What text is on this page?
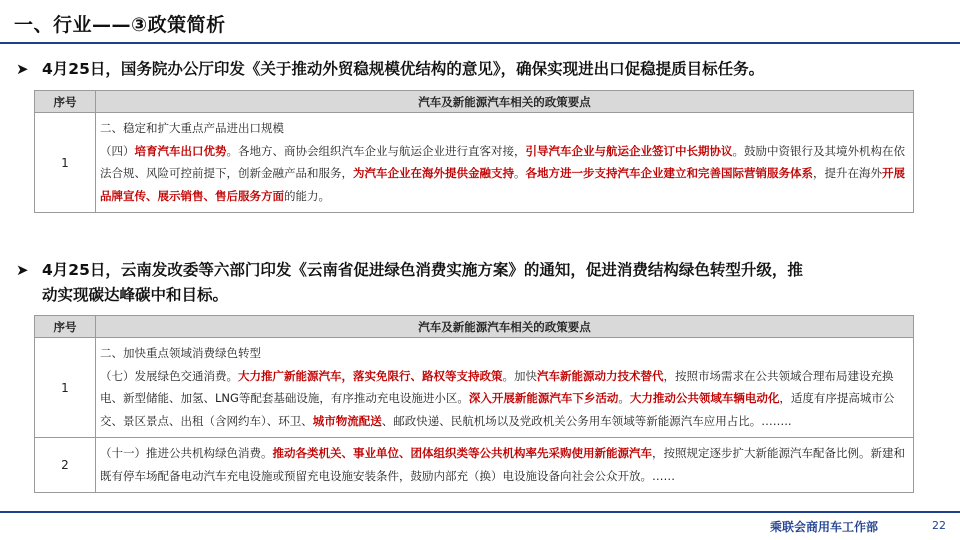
一、行业——③政策简析
➤ 4月25日，国务院办公厅印发《关于推动外贸稳规模优结构的意见》，确保实现进出口促稳提质目标任务。
序号	汽车及新能源汽车相关的政策要点
1	二、稳定和扩大重点产品进出口规模
（四）培育汽车出口优势。各地方、商协会组织汽车企业与航运企业进行直客对接，引导汽车企业与航运企业签订中长期协议。鼓励中资银行及其境外机构在依法合规、风险可控前提下，创新金融产品和服务，为汽车企业在海外提供金融支持。各地方进一步支持汽车企业建立和完善国际营销服务体系，提升在海外开展品牌宣传、展示销售、售后服务方面的能力。
➤ 4月25日，云南发改委等六部门印发《云南省促进绿色消费实施方案》的通知，促进消费结构绿色转型升级，推
动实现碳达峰碳中和目标。
序号	汽车及新能源汽车相关的政策要点
1	二、加快重点领域消费绿色转型
（七）发展绿色交通消费。大力推广新能源汽车，落实免限行、路权等支持政策。加快汽车新能源动力技术替代，按照市场需求在公共领域合理布局建设充换电、新型储能、加氢、LNG等配套基础设施，有序推动充电设施进小区。深入开展新能源汽车下乡活动。大力推动公共领域车辆电动化，适度有序提高城市公交、景区景点、出租（含网约车）、环卫、城市物流配送、邮政快递、民航机场以及党政机关公务用车领域等新能源汽车应用占比。……..

2	（十一）推进公共机构绿色消费。推动各类机关、事业单位、团体组织类等公共机构率先采购使用新能源汽车，按照规定逐步扩大新能源汽车配备比例。新建和既有停车场配备电动汽车充电设施或预留充电设施安装条件，鼓励内部充（换）电设施设备向社会公众开放。……
乘联会商用车工作部	22
